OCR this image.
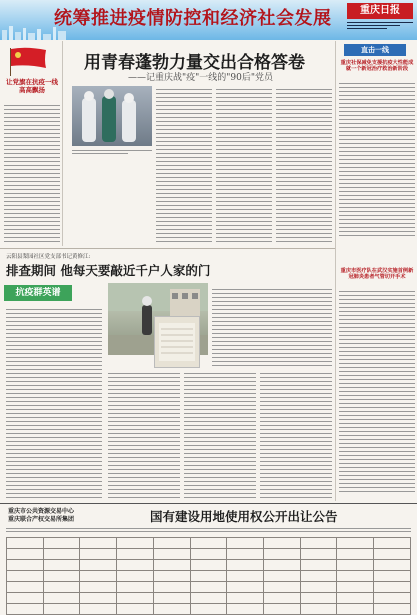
统筹推进疫情防控和经济社会发展	重庆日报
让党旗在抗疫一线高高飘扬
用青春蓬勃力量交出合格答卷
——记重庆战"疫"一线的"90后"党员
直击一线
重庆社保减免支援抗疫大性能成就一个新冠治疗救治新阶段
重庆市医疗队在武汉实施首例新冠肺炎患者气管切开手术
云阳县梨园社区党支部书记黄修江:
排查期间 他每天要敲近千户人家的门
抗疫群英谱
重庆市公共资源交易中心
重庆联合产权交易所集团	国有建设用地使用权公开出让公告
